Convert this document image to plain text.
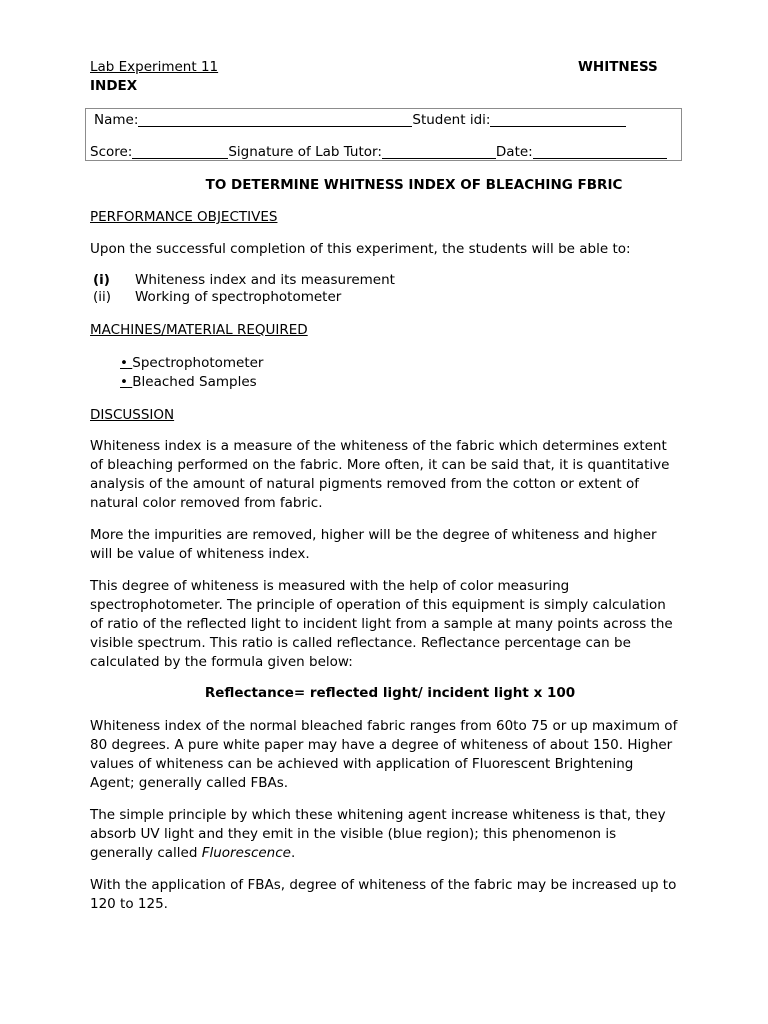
Lab Experiment 11	WHITNESS
INDEX
Name:	Student idi:
Score:	Signature of Lab Tutor:	Date:
TO DETERMINE WHITNESS INDEX OF BLEACHING FBRIC
PERFORMANCE OBJECTIVES
Upon the successful completion of this experiment, the students will be able to:
(i) Whiteness index and its measurement
(ii) Working of spectrophotometer
MACHINES/MATERIAL REQUIRED
• Spectrophotometer
• Bleached Samples
DISCUSSION
Whiteness index is a measure of the whiteness of the fabric which determines extent of bleaching performed on the fabric. More often, it can be said that, it is quantitative analysis of the amount of natural pigments removed from the cotton or extent of natural color removed from fabric.
More the impurities are removed, higher will be the degree of whiteness and higher will be value of whiteness index.
This degree of whiteness is measured with the help of color measuring spectrophotometer. The principle of operation of this equipment is simply calculation of ratio of the reflected light to incident light from a sample at many points across the visible spectrum. This ratio is called reflectance. Reflectance percentage can be calculated by the formula given below:
Reflectance= reflected light/ incident light x 100
Whiteness index of the normal bleached fabric ranges from 60to 75 or up maximum of 80 degrees. A pure white paper may have a degree of whiteness of about 150. Higher values of whiteness can be achieved with application of Fluorescent Brightening Agent; generally called FBAs.
The simple principle by which these whitening agent increase whiteness is that, they absorb UV light and they emit in the visible (blue region); this phenomenon is generally called Fluorescence.
With the application of FBAs, degree of whiteness of the fabric may be increased up to 120 to 125.
